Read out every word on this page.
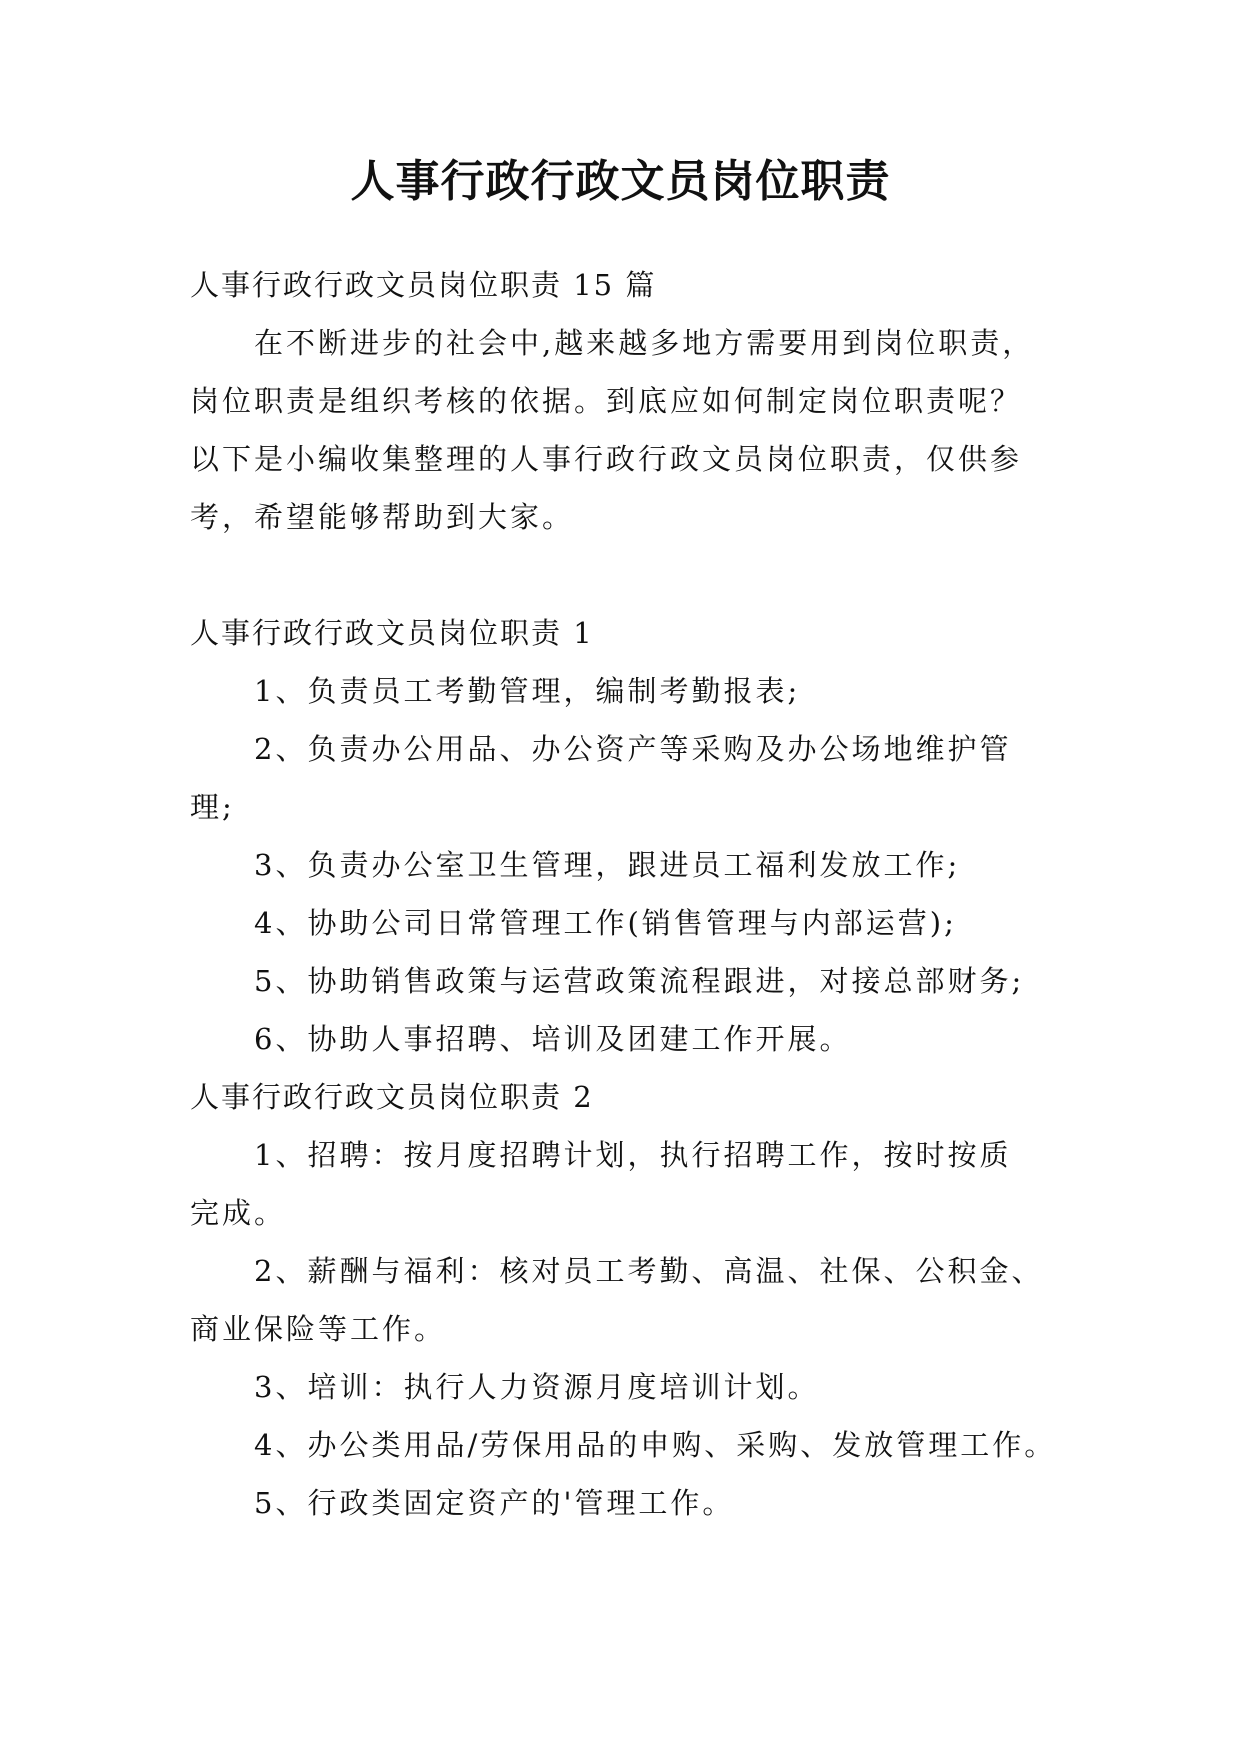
人事行政行政文员岗位职责
人事行政行政文员岗位职责 15 篇
在不断进步的社会中,越来越多地方需要用到岗位职责，
岗位职责是组织考核的依据。到底应如何制定岗位职责呢？
以下是小编收集整理的人事行政行政文员岗位职责，仅供参
考，希望能够帮助到大家。
人事行政行政文员岗位职责 1
1、负责员工考勤管理，编制考勤报表;
2、负责办公用品、办公资产等采购及办公场地维护管
理;
3、负责办公室卫生管理，跟进员工福利发放工作;
4、协助公司日常管理工作(销售管理与内部运营);
5、协助销售政策与运营政策流程跟进，对接总部财务;
6、协助人事招聘、培训及团建工作开展。
人事行政行政文员岗位职责 2
1、招聘：按月度招聘计划，执行招聘工作，按时按质
完成。
2、薪酬与福利：核对员工考勤、高温、社保、公积金、
商业保险等工作。
3、培训：执行人力资源月度培训计划。
4、办公类用品/劳保用品的申购、采购、发放管理工作。
5、行政类固定资产的'管理工作。
